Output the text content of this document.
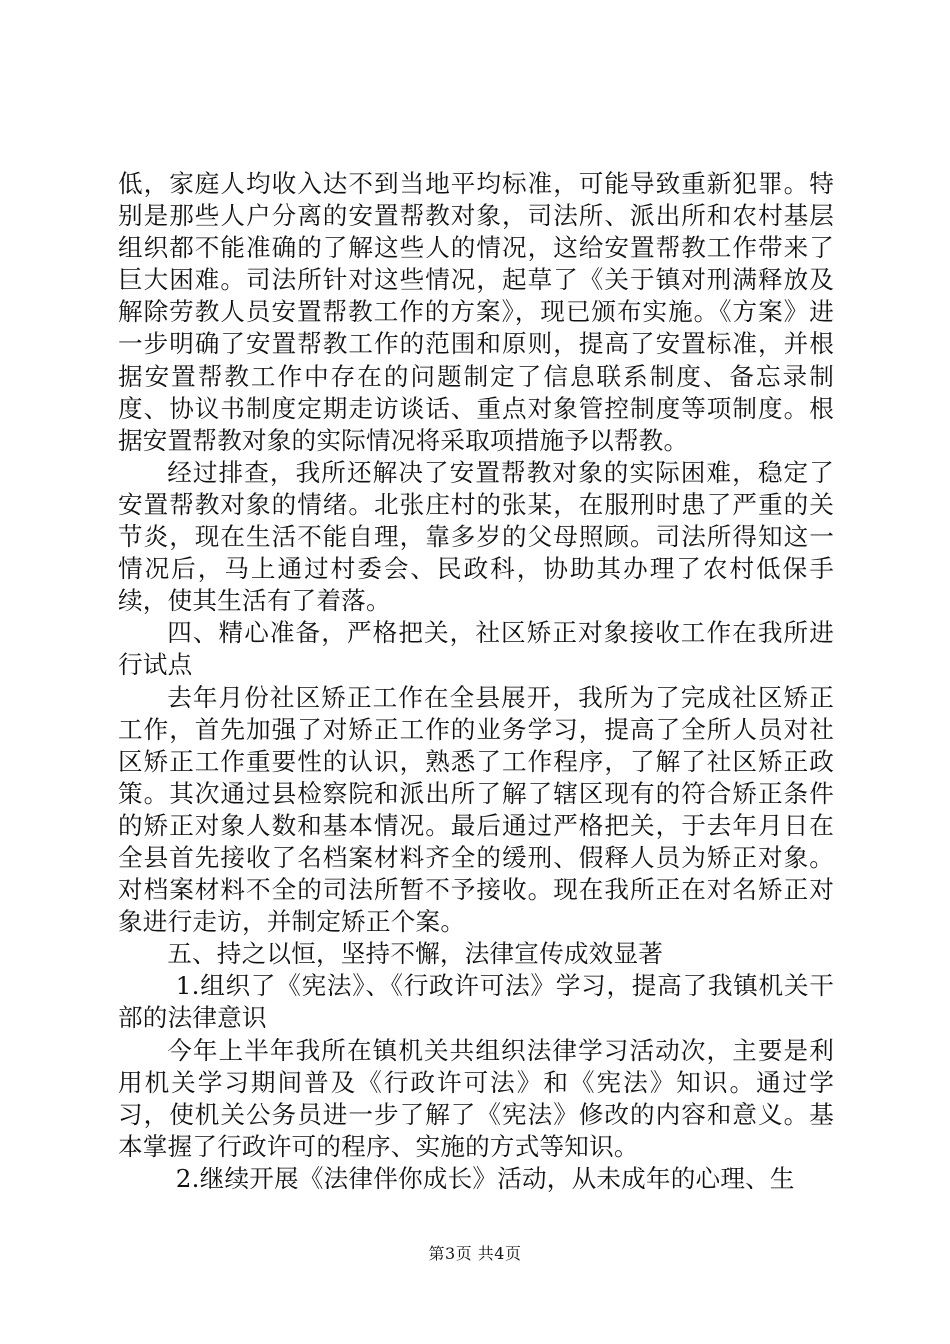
低，家庭人均收入达不到当地平均标准，可能导致重新犯罪。特别是那些人户分离的安置帮教对象，司法所、派出所和农村基层组织都不能准确的了解这些人的情况，这给安置帮教工作带来了巨大困难。司法所针对这些情况，起草了《关于镇对刑满释放及解除劳教人员安置帮教工作的方案》，现已颁布实施。《方案》进一步明确了安置帮教工作的范围和原则，提高了安置标准，并根据安置帮教工作中存在的问题制定了信息联系制度、备忘录制度、协议书制度定期走访谈话、重点对象管控制度等项制度。根据安置帮教对象的实际情况将采取项措施予以帮教。

经过排查，我所还解决了安置帮教对象的实际困难，稳定了安置帮教对象的情绪。北张庄村的张某，在服刑时患了严重的关节炎，现在生活不能自理，靠多岁的父母照顾。司法所得知这一情况后，马上通过村委会、民政科，协助其办理了农村低保手续，使其生活有了着落。

四、精心准备，严格把关，社区矫正对象接收工作在我所进行试点

去年月份社区矫正工作在全县展开，我所为了完成社区矫正工作，首先加强了对矫正工作的业务学习，提高了全所人员对社区矫正工作重要性的认识，熟悉了工作程序，了解了社区矫正政策。其次通过县检察院和派出所了解了辖区现有的符合矫正条件的矫正对象人数和基本情况。最后通过严格把关，于去年月日在全县首先接收了名档案材料齐全的缓刑、假释人员为矫正对象。对档案材料不全的司法所暂不予接收。现在我所正在对名矫正对象进行走访，并制定矫正个案。

五、持之以恒，坚持不懈，法律宣传成效显著

1.组织了《宪法》、《行政许可法》学习，提高了我镇机关干部的法律意识

今年上半年我所在镇机关共组织法律学习活动次，主要是利用机关学习期间普及《行政许可法》和《宪法》知识。通过学习，使机关公务员进一步了解了《宪法》修改的内容和意义。基本掌握了行政许可的程序、实施的方式等知识。

2.继续开展《法律伴你成长》活动，从未成年的心理、生

第3页 共4页
